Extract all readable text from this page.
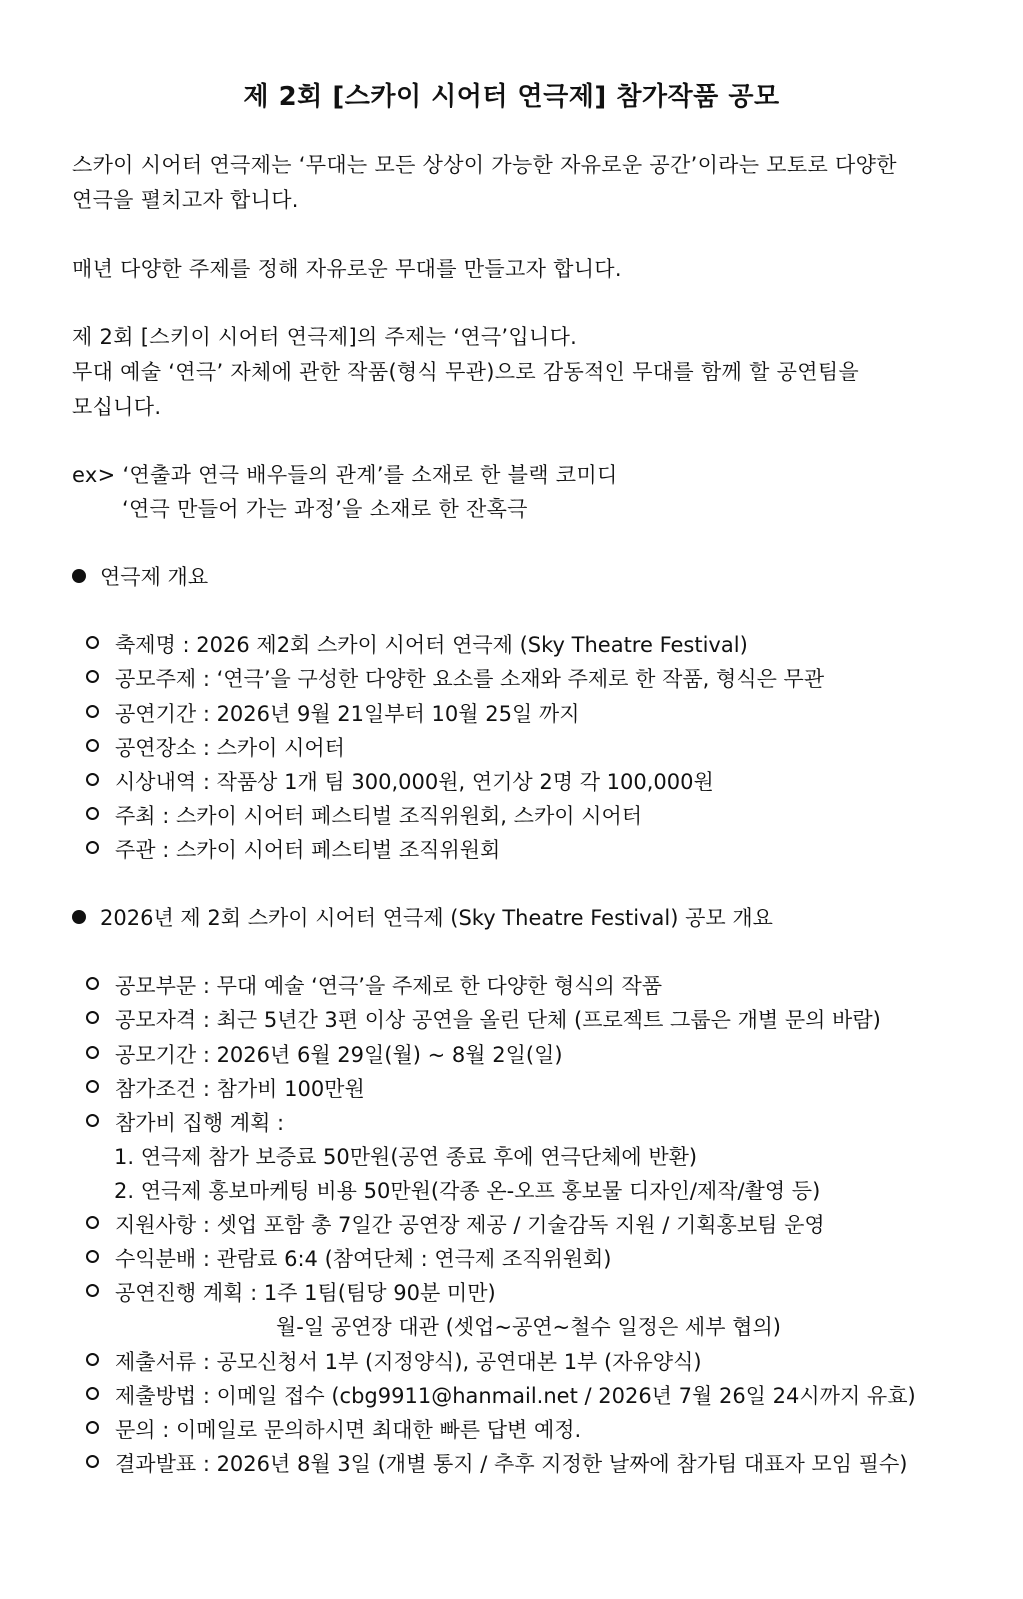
제 2회 [스카이 시어터 연극제] 참가작품 공모
스카이 시어터 연극제는 ‘무대는 모든 상상이 가능한 자유로운 공간’이라는 모토로 다양한
연극을 펼치고자 합니다.
매년 다양한 주제를 정해 자유로운 무대를 만들고자 합니다.
제 2회 [스키이 시어터 연극제]의 주제는 ‘연극’입니다.
무대 예술 ‘연극’ 자체에 관한 작품(형식 무관)으로 감동적인 무대를 함께 할 공연팀을
모십니다.
ex> ‘연출과 연극 배우들의 관계’를 소재로 한 블랙 코미디
‘연극 만들어 가는 과정’을 소재로 한 잔혹극
연극제 개요
축제명 : 2026 제2회 스카이 시어터 연극제 (Sky Theatre Festival)
공모주제 : ‘연극’을 구성한 다양한 요소를 소재와 주제로 한 작품, 형식은 무관
공연기간 : 2026년 9월 21일부터 10월 25일 까지
공연장소 : 스카이 시어터
시상내역 : 작품상 1개 팀 300,000원, 연기상 2명 각 100,000원
주최 : 스카이 시어터 페스티벌 조직위원회, 스카이 시어터
주관 : 스카이 시어터 페스티벌 조직위원회
2026년 제 2회 스카이 시어터 연극제 (Sky Theatre Festival) 공모 개요
공모부문 : 무대 예술 ‘연극’을 주제로 한 다양한 형식의 작품
공모자격 : 최근 5년간 3편 이상 공연을 올린 단체 (프로젝트 그룹은 개별 문의 바람)
공모기간 : 2026년 6월 29일(월) ~ 8월 2일(일)
참가조건 : 참가비 100만원
참가비 집행 계획 :
1. 연극제 참가 보증료 50만원(공연 종료 후에 연극단체에 반환)
2. 연극제 홍보마케팅 비용 50만원(각종 온-오프 홍보물 디자인/제작/촬영 등)
지원사항 : 셋업 포함 총 7일간 공연장 제공 / 기술감독 지원 / 기획홍보팀 운영
수익분배 : 관람료 6:4 (참여단체 : 연극제 조직위원회)
공연진행 계획 : 1주 1팀(팀당 90분 미만)
월-일 공연장 대관 (셋업~공연~철수 일정은 세부 협의)
제출서류 : 공모신청서 1부 (지정양식), 공연대본 1부 (자유양식)
제출방법 : 이메일 접수 (cbg9911@hanmail.net / 2026년 7월 26일 24시까지 유효)
문의 : 이메일로 문의하시면 최대한 빠른 답변 예정.
결과발표 : 2026년 8월 3일 (개별 통지 / 추후 지정한 날짜에 참가팀 대표자 모임 필수)
